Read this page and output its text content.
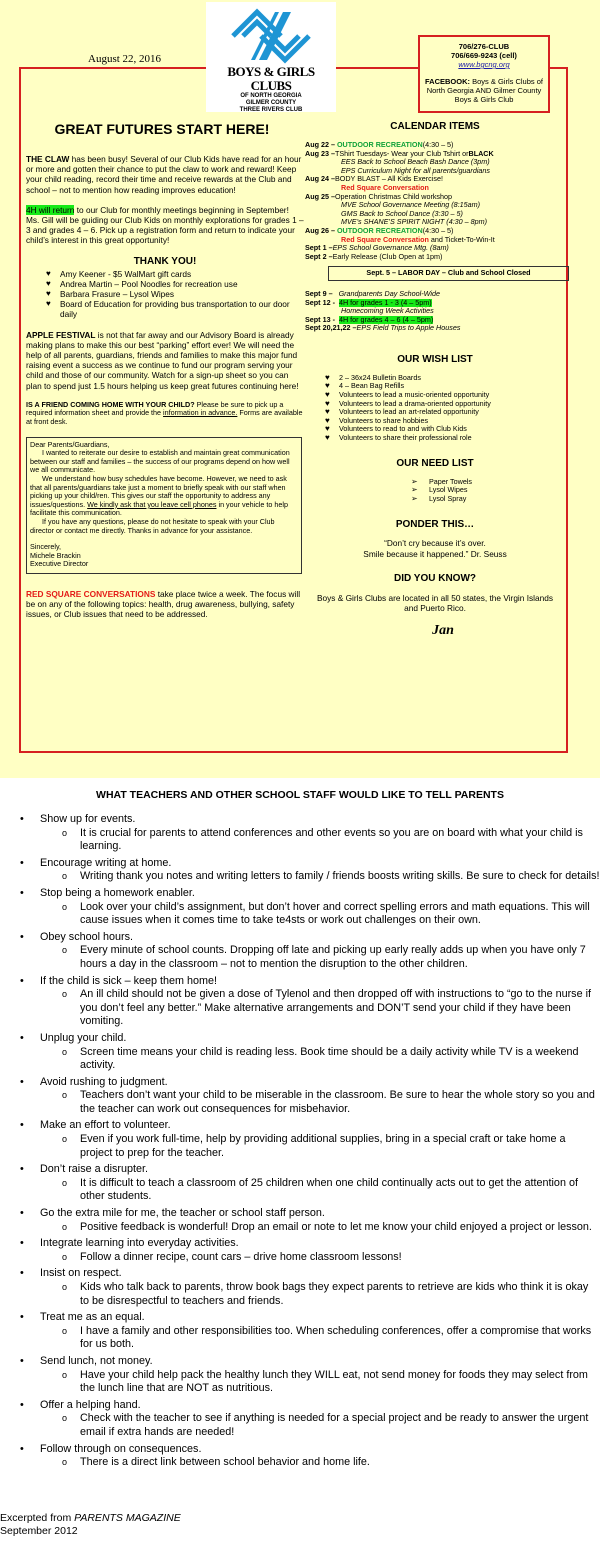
August 22, 2016
BOYS & GIRLS CLUBS
OF NORTH GEORGIA
GILMER COUNTY
THREE RIVERS CLUB
706/276-CLUB
706/669-9243 (cell)
www.bgcng.org
FACEBOOK: Boys & Girls Clubs of North Georgia AND Gilmer County Boys & Girls Club
GREAT FUTURES START HERE!

THE CLAW has been busy! Several of our Club Kids have read for an hour or more and gotten their chance to put the claw to work and reward! Keep your child reading, record their time and receive rewards at the Club and school – not to mention how reading improves education!

4H will return to our Club for monthly meetings beginning in September! Ms. Gill will be guiding our Club Kids on monthly explorations for grades 1 – 3 and grades 4 – 6. Pick up a registration form and return to indicate your child’s interest in this great opportunity!

THANK YOU!
♥ Amy Keener - $5 WalMart gift cards
♥ Andrea Martin – Pool Noodles for recreation use
♥ Barbara Frasure – Lysol Wipes
♥ Board of Education for providing bus transportation to our door daily

APPLE FESTIVAL is not that far away and our Advisory Board is already making plans to make this our best “parking” effort ever! We will need the help of all parents, guardians, friends and families to make this major fund raising event a success as we continue to fund our program serving your child and those of our community. Watch for a sign-up sheet so you can plan to spend just 1.5 hours helping us keep great futures continuing here!

IS A FRIEND COMING HOME WITH YOUR CHILD? Please be sure to pick up a required information sheet and provide the information in advance. Forms are available at front desk.

Dear Parents/Guardians,
I wanted to reiterate our desire to establish and maintain great communication between our staff and families – the success of our programs depend on how well we all communicate.
We understand how busy schedules have become. However, we need to ask that all parents/guardians take just a moment to briefly speak with our staff when picking up your child/ren. This gives our staff the opportunity to address any issues/questions. We kindly ask that you leave cell phones in your vehicle to help facilitate this communication.
If you have any questions, please do not hesitate to speak with your Club director or contact me directly. Thanks in advance for your assistance.
Sincerely,
Michele Brackin
Executive Director

RED SQUARE CONVERSATIONS take place twice a week. The focus will be on any of the following topics: health, drug awareness, bullying, safety issues, or Club issues that need to be addressed.

CALENDAR ITEMS
Aug 22 –
OUTDOOR RECREATION (4:30 – 5)
Aug 23 – TShirt Tuesdays- Wear your Club Tshirt or BLACK
EES Back to School Beach Bash Dance (3pm)
EPS Curriculum Night for all parents/guardians
Aug 24 – BODY BLAST – All Kids Exercise!
Red Square Conversation
Aug 25 – Operation Christmas Child workshop
MVE School Governance Meeting (8:15am)
GMS Back to School Dance (3:30 – 5)
MVE’s SHANE’S SPIRIT NIGHT (4:30 – 8pm)
Aug 26 –
OUTDOOR RECREATION (4:30 – 5)
Red Square Conversation and Ticket-To-Win-It
Sept 1 – EPS School Governance Mtg. (8am)
Sept 2 – Early Release (Club Open at 1pm)
Sept. 5 – LABOR DAY – Club and School Closed
Sept 9 – Grandparents Day School-Wide
Sept 12 -
4H for grades 1 - 3 (4 – 5pm)
Homecoming Week Activities
Sept 13 -
4H for grades 4 – 6 (4 – 5pm)
Sept 20,21,22 – EPS Field Trips to Apple Houses
OUR WISH LIST
♥ 2 – 36x24 Bulletin Boards
♥ 4 – Bean Bag Refills
♥ Volunteers to lead a music-oriented opportunity
♥ Volunteers to lead a drama-oriented opportunity
♥ Volunteers to lead an art-related opportunity
♥ Volunteers to share hobbies
♥ Volunteers to read to and with Club Kids
♥ Volunteers to share their professional role
OUR NEED LIST
➢ Paper Towels
➢ Lysol Wipes
➢ Lysol Spray
PONDER THIS…
“Don’t cry because it’s over.
Smile because it happened.” Dr. Seuss
DID YOU KNOW?
Boys & Girls Clubs are located in all 50 states, the Virgin Islands and Puerto Rico.
Jan
WHAT TEACHERS AND OTHER SCHOOL STAFF WOULD LIKE TO TELL PARENTS
• Show up for events.
o It is crucial for parents to attend conferences and other events so you are on board with what your child is learning.
• Encourage writing at home.
o Writing thank you notes and writing letters to family / friends boosts writing skills. Be sure to check for details!
• Stop being a homework enabler.
o Look over your child’s assignment, but don’t hover and correct spelling errors and math equations. This will cause issues when it comes time to take te4sts or work out challenges on their own.
• Obey school hours.
o Every minute of school counts. Dropping off late and picking up early really adds up when you have only 7 hours a day in the classroom – not to mention the disruption to the other children.
• If the child is sick – keep them home!
o An ill child should not be given a dose of Tylenol and then dropped off with instructions to “go to the nurse if you don’t feel any better.” Make alternative arrangements and DON’T send your child if they have been vomiting.
• Unplug your child.
o Screen time means your child is reading less. Book time should be a daily activity while TV is a weekend activity.
• Avoid rushing to judgment.
o Teachers don’t want your child to be miserable in the classroom. Be sure to hear the whole story so you and the teacher can work out consequences for misbehavior.
• Make an effort to volunteer.
o Even if you work full-time, help by providing additional supplies, bring in a special craft or take home a project to prep for the teacher.
• Don’t raise a disrupter.
o It is difficult to teach a classroom of 25 children when one child continually acts out to get the attention of other students.
• Go the extra mile for me, the teacher or school staff person.
o Positive feedback is wonderful! Drop an email or note to let me know your child enjoyed a project or lesson.
• Integrate learning into everyday activities.
o Follow a dinner recipe, count cars – drive home classroom lessons!
• Insist on respect.
o Kids who talk back to parents, throw book bags they expect parents to retrieve are kids who think it is okay to be disrespectful to teachers and friends.
• Treat me as an equal.
o I have a family and other responsibilities too. When scheduling conferences, offer a compromise that works for us both.
• Send lunch, not money.
o Have your child help pack the healthy lunch they WILL eat, not send money for foods they may select from the lunch line that are NOT as nutritious.
• Offer a helping hand.
o Check with the teacher to see if anything is needed for a special project and be ready to answer the urgent email if extra hands are needed!
• Follow through on consequences.
o There is a direct link between school behavior and home life.
Excerpted from PARENTS MAGAZINE
September 2012
